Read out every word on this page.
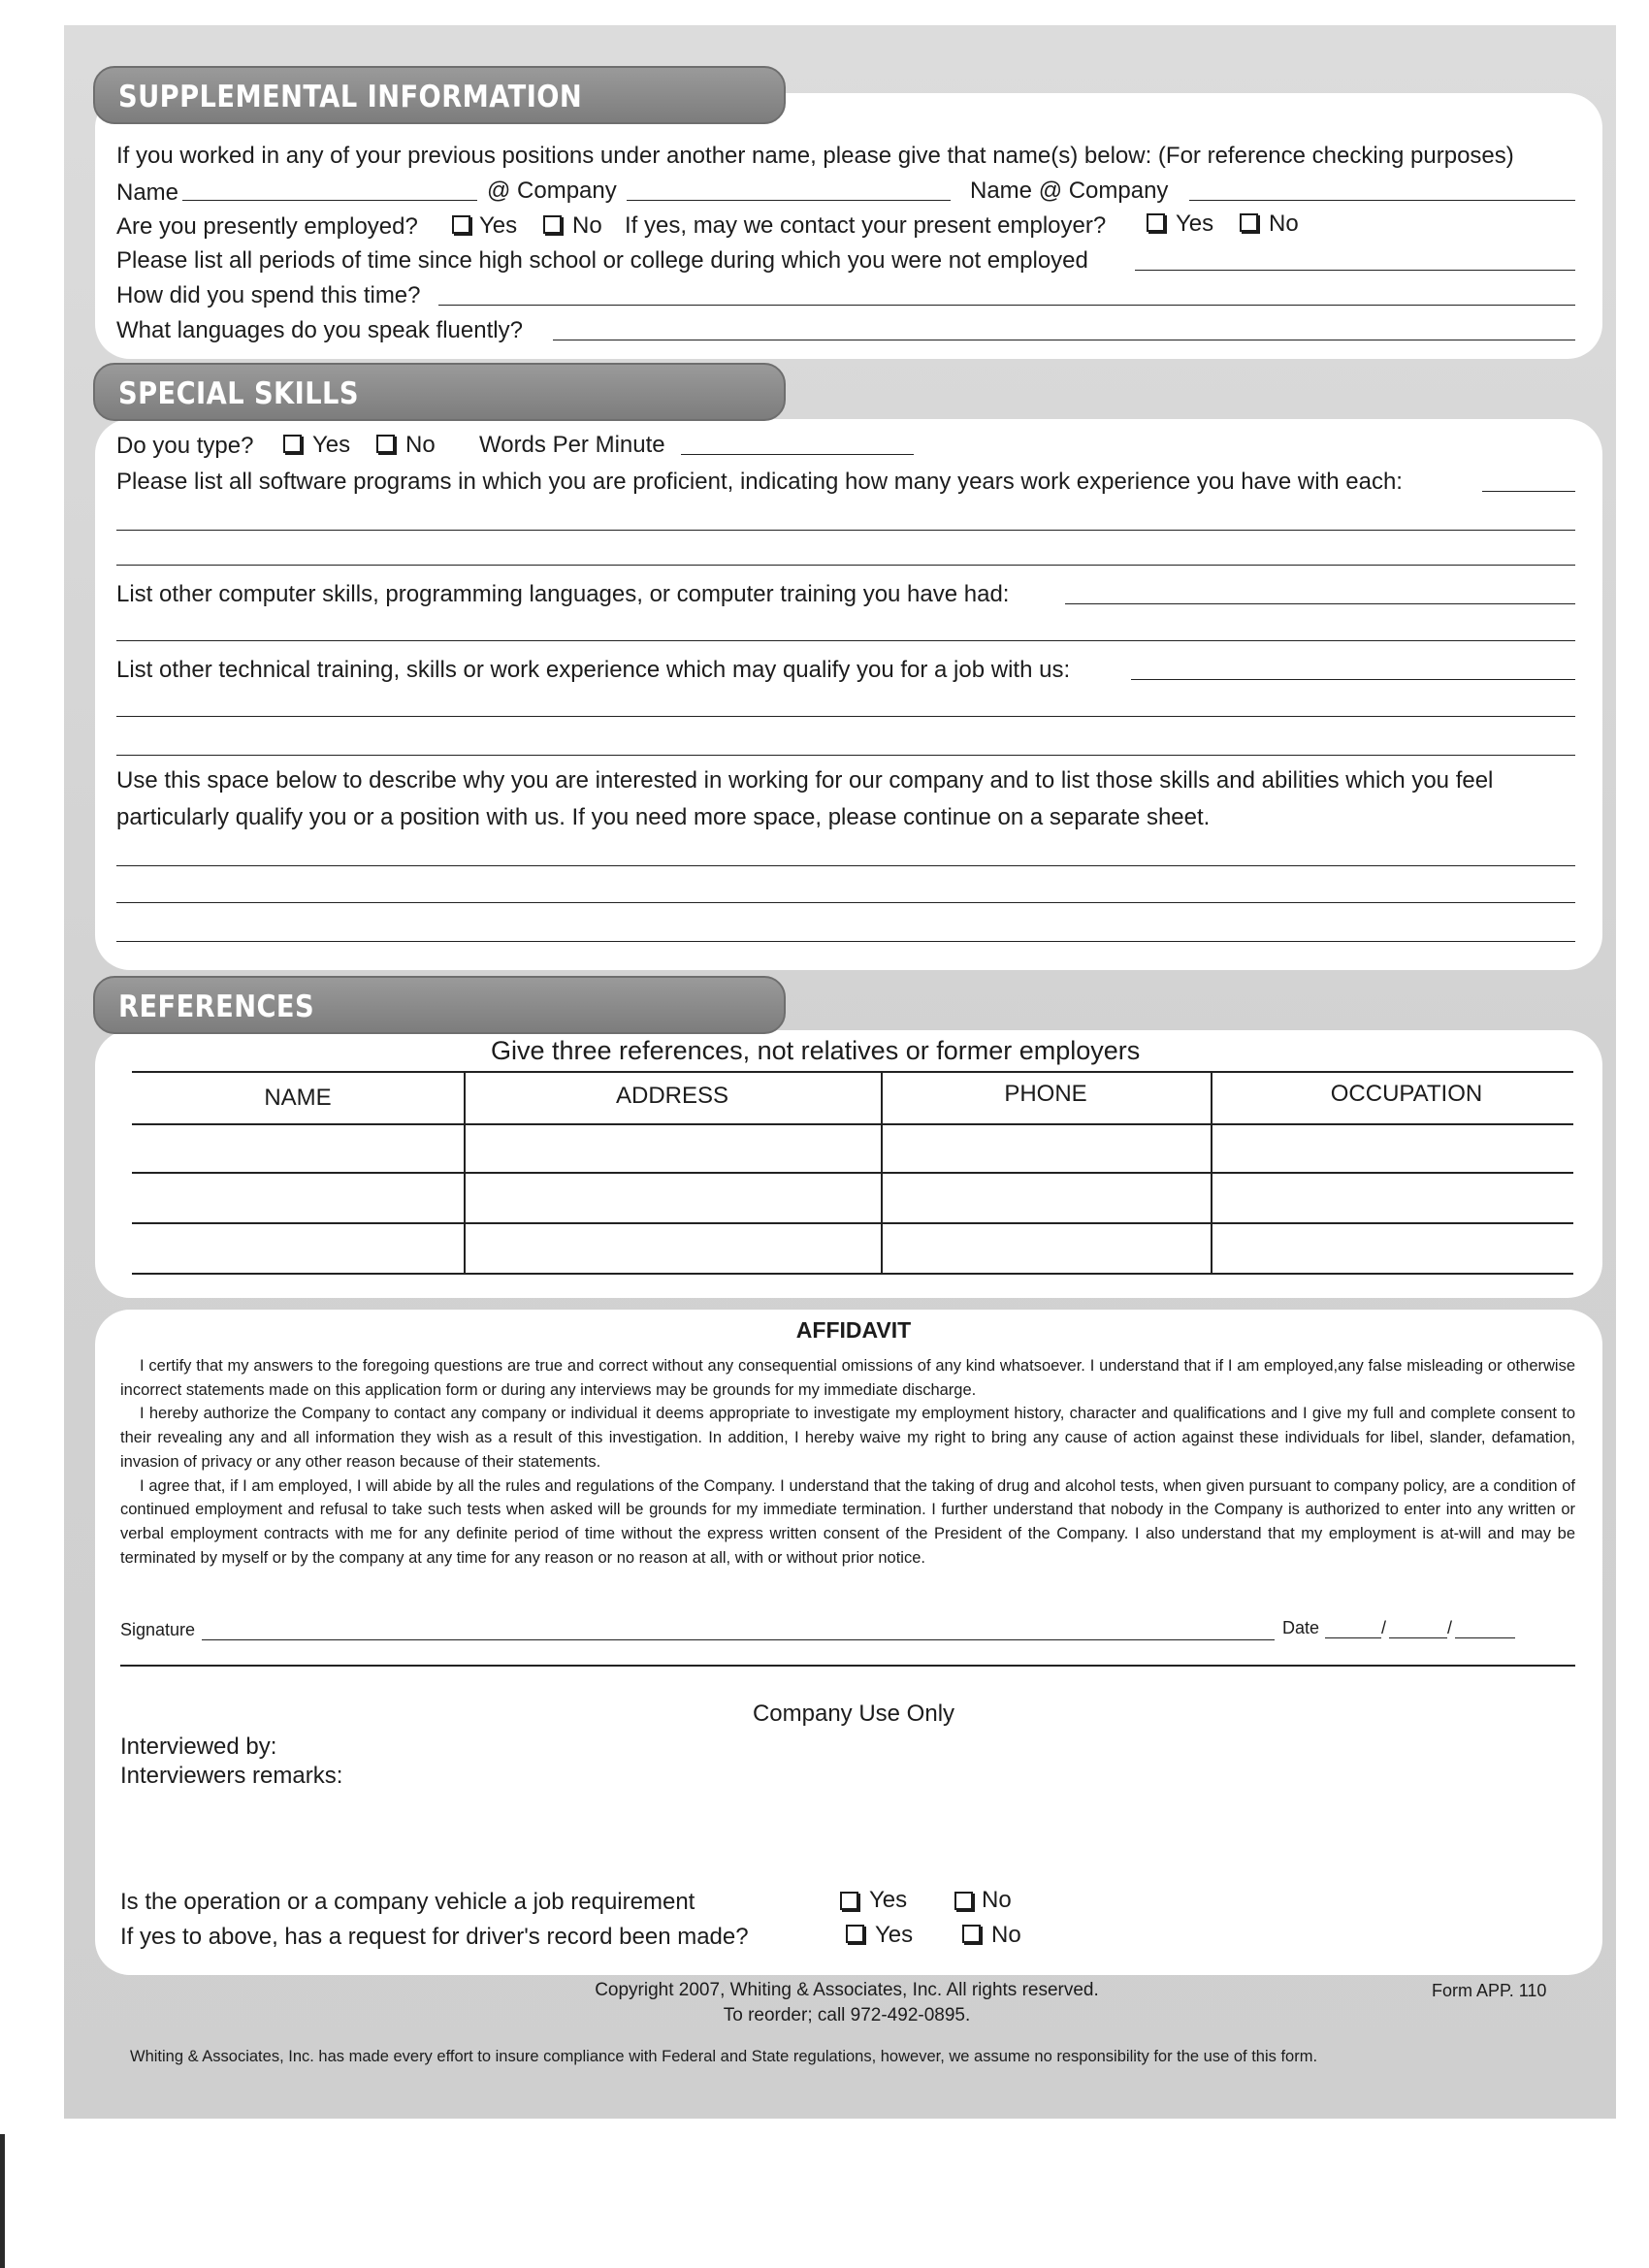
SUPPLEMENTAL INFORMATION
If you worked in any of your previous positions under another name, please give that name(s) below: (For reference checking purposes)
Name	@ Company	Name @ Company
Are you presently employed?	Yes No If yes, may we contact your present employer?	Yes No
Please list all periods of time since high school or college during which you were not employed
How did you spend this time?
What languages do you speak fluently?
SPECIAL SKILLS
Do you type?	Yes No Words Per Minute
Please list all software programs in which you are proficient, indicating how many years work experience you have with each:
List other computer skills, programming languages, or computer training you have had:
List other technical training, skills or work experience which may qualify you for a job with us:
Use this space below to describe why you are interested in working for our company and to list those skills and abilities which you feel
particularly qualify you or a position with us. If you need more space, please continue on a separate sheet.
REFERENCES
Give three references, not relatives or former employers
NAME	ADDRESS	PHONE	OCCUPATION
AFFIDAVIT

I certify that my answers to the foregoing questions are true and correct without any consequential omissions of any kind whatsoever. I understand that if I am employed,any false misleading or otherwise incorrect statements made on this application form or during any interviews may be grounds for my immediate discharge.

I hereby authorize the Company to contact any company or individual it deems appropriate to investigate my employment history, character and qualifications and I give my full and complete consent to their revealing any and all information they wish as a result of this investigation. In addition, I hereby waive my right to bring any cause of action against these individuals for libel, slander, defamation, invasion of privacy or any other reason because of their statements.

I agree that, if I am employed, I will abide by all the rules and regulations of the Company. I understand that the taking of drug and alcohol tests, when given pursuant to company policy, are a condition of continued employment and refusal to take such tests when asked will be grounds for my immediate termination. I further understand that nobody in the Company is authorized to enter into any written or verbal employment contracts with me for any definite period of time without the express written consent of the President of the Company. I also understand that my employment is at-will and may be terminated by myself or by the company at any time for any reason or no reason at all, with or without prior notice.

Signature	Date	/	/
Company Use Only
Interviewed by:
Interviewers remarks:
Is the operation or a company vehicle a job requirement	Yes	No
If yes to above, has a request for driver's record been made?	Yes	No
Copyright 2007, Whiting & Associates, Inc. All rights reserved.
To reorder; call 972-492-0895.
Form APP. 110
Whiting & Associates, Inc. has made every effort to insure compliance with Federal and State regulations, however, we assume no responsibility for the use of this form.
